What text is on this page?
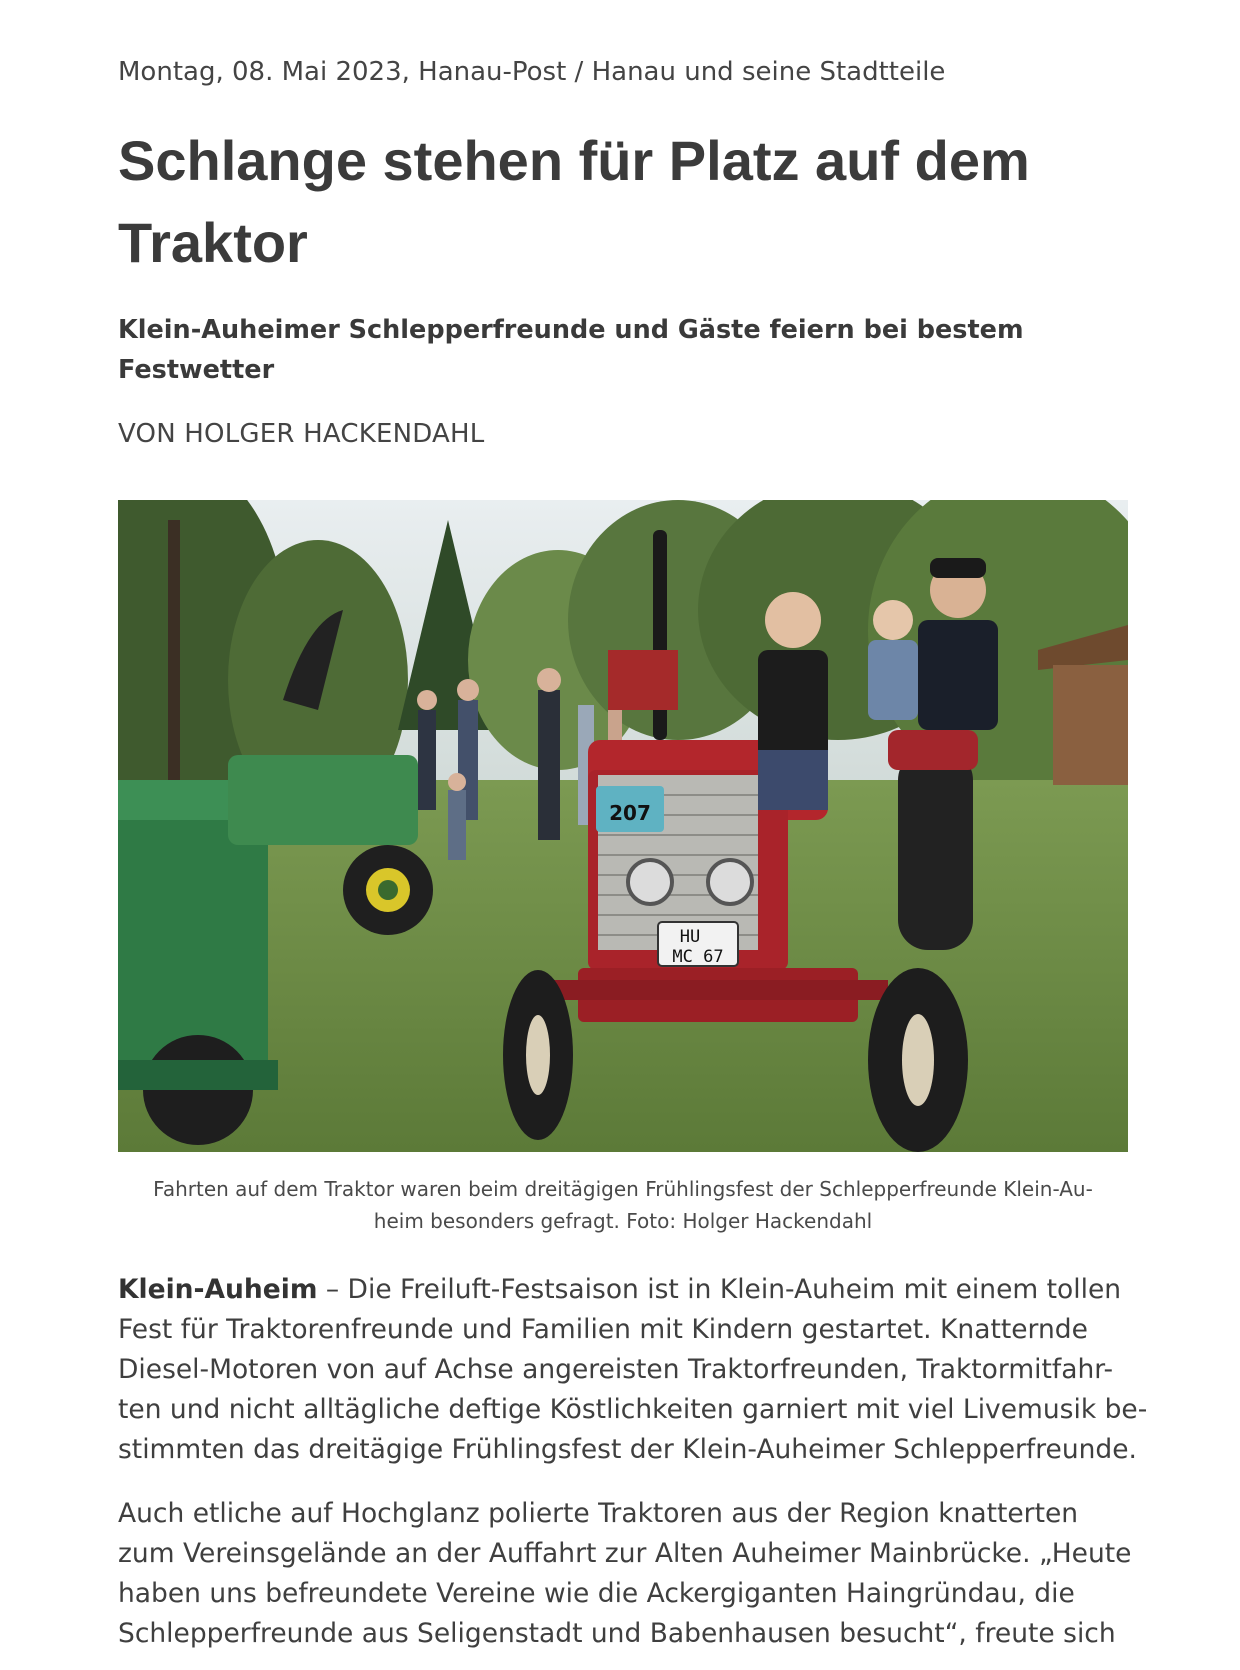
Montag, 08. Mai 2023, Hanau-Post / Hanau und seine Stadtteile
Schlange stehen für Platz auf dem
Traktor
Klein-Auheimer Schlepperfreunde und Gäste feiern bei bestem
Festwetter
VON HOLGER HACKENDAHL
207
HU
MC 67
Fahrten auf dem Traktor waren beim dreitägigen Frühlingsfest der Schlepperfreunde Klein-Au-
heim besonders gefragt. Foto: Holger Hackendahl

Klein-Auheim – Die Freiluft-Festsaison ist in Klein-Auheim mit einem tollen
Fest für Traktorenfreunde und Familien mit Kindern gestartet. Knatternde
Diesel-Motoren von auf Achse angereisten Traktorfreunden, Traktormitfahr-
ten und nicht alltägliche deftige Köstlichkeiten garniert mit viel Livemusik be-
stimmten das dreitägige Frühlingsfest der Klein-Auheimer Schlepperfreunde.

Auch etliche auf Hochglanz polierte Traktoren aus der Region knatterten
zum Vereinsgelände an der Auffahrt zur Alten Auheimer Mainbrücke. „Heute
haben uns befreundete Vereine wie die Ackergiganten Haingründau, die
Schlepperfreunde aus Seligenstadt und Babenhausen besucht“, freute sich
